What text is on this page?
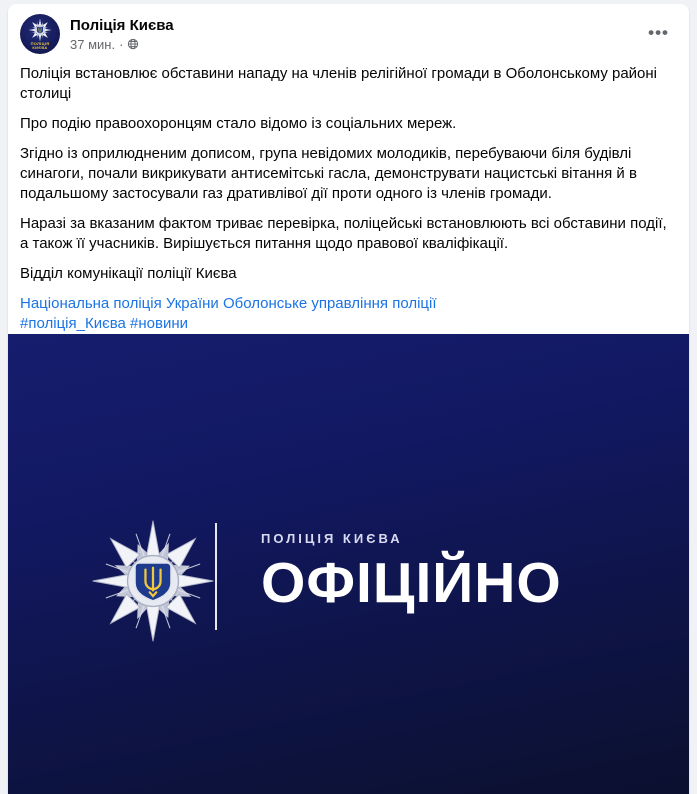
ПОЛІЦІЯ
КИЄВА
Поліція Києва
37 мин. ·
•••

Поліція встановлює обставини нападу на членів релігійної громади в Оболонському районі столиці

Про подію правоохоронцям стало відомо із соціальних мереж.

Згідно із оприлюдненим дописом, група невідомих молодиків, перебуваючи біля будівлі синагоги, почали викрикувати антисемітські гасла, демонструвати нацистські вітання й в подальшому застосували газ дративлівої дії проти одного із членів громади.

Наразі за вказаним фактом триває перевірка, поліцейські встановлюють всі обставини події, а також її учасників. Вирішується питання щодо правової кваліфікації.

Відділ комунікації поліції Києва

Національна поліція України Оболонське управління поліції
#поліція_Києва #новини

ПОЛІЦІЯ КИЄВА
ОФІЦІЙНО
